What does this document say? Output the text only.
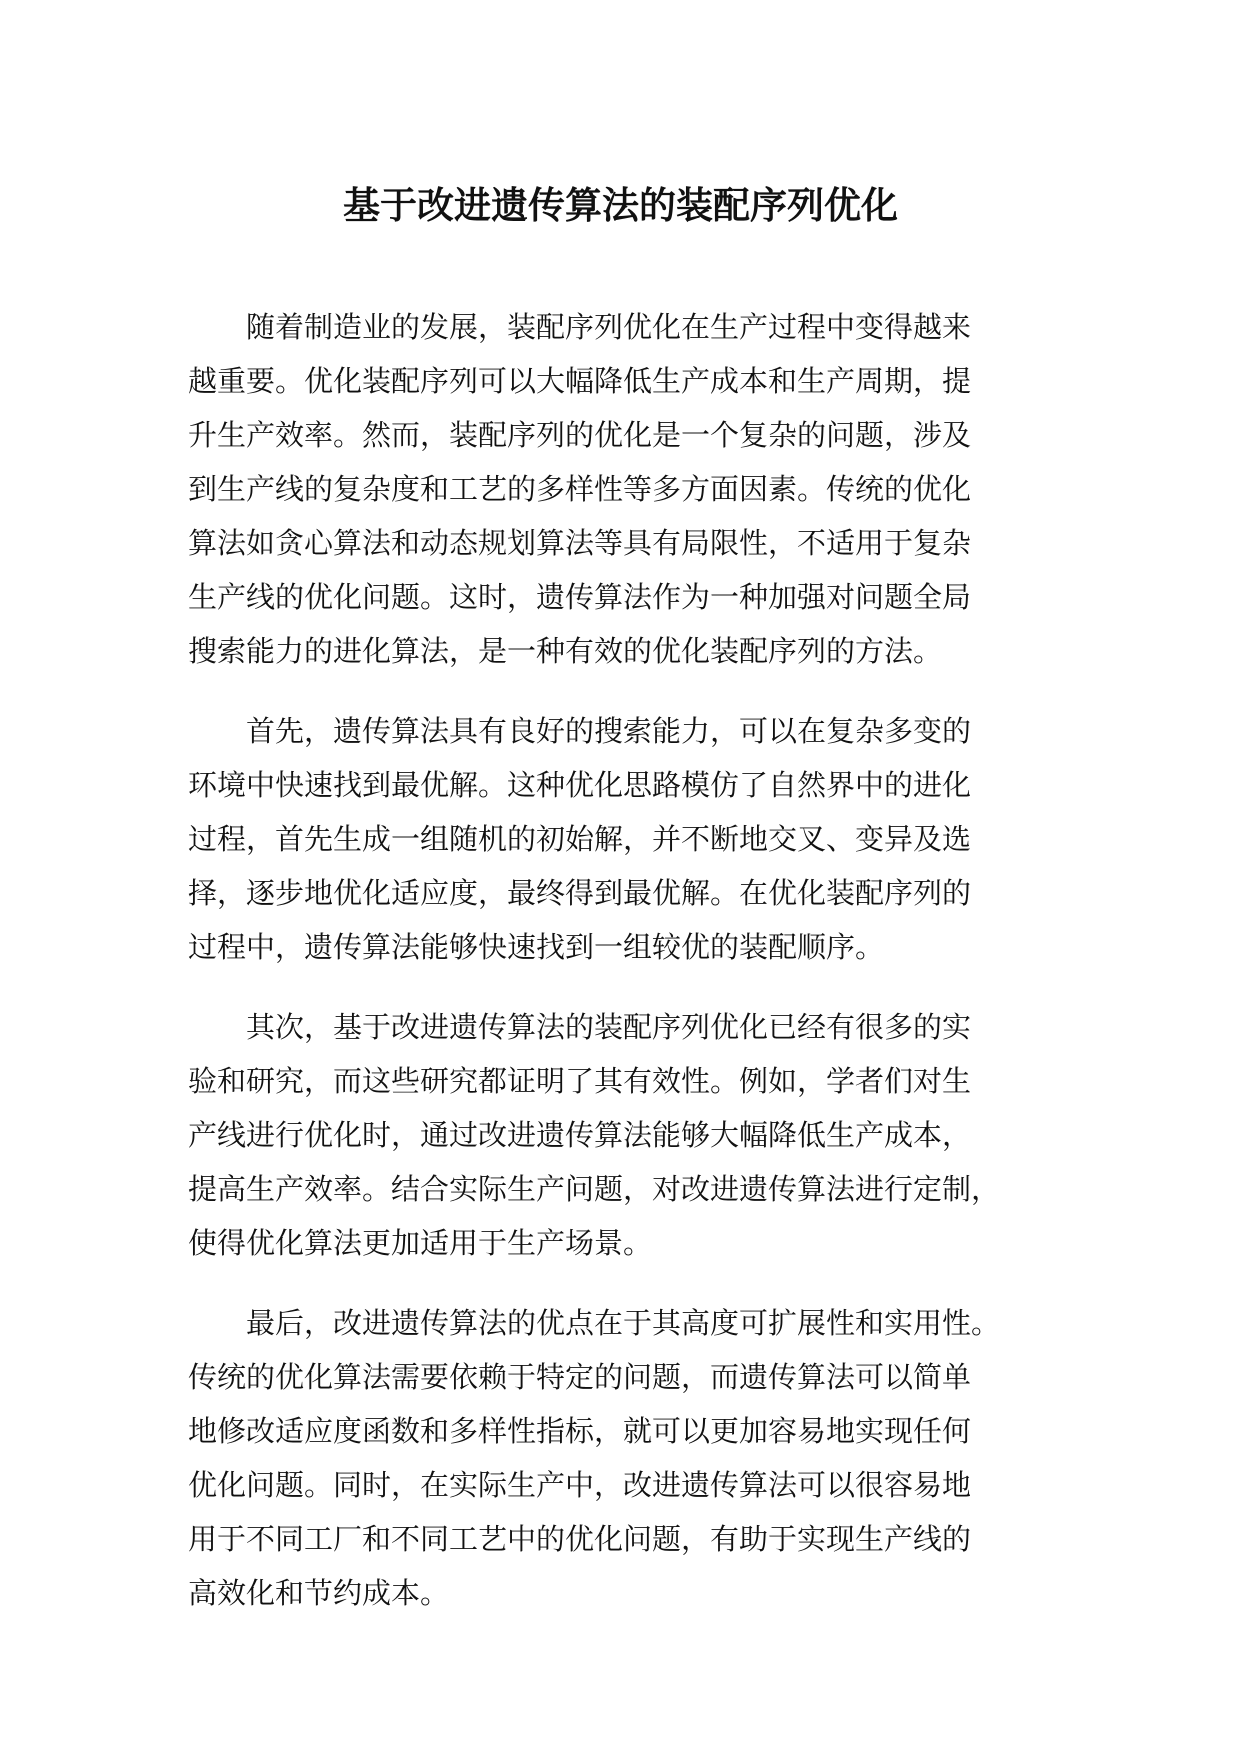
基于改进遗传算法的装配序列优化

随着制造业的发展，装配序列优化在生产过程中变得越来
越重要。优化装配序列可以大幅降低生产成本和生产周期，提
升生产效率。然而，装配序列的优化是一个复杂的问题，涉及
到生产线的复杂度和工艺的多样性等多方面因素。传统的优化
算法如贪心算法和动态规划算法等具有局限性，不适用于复杂
生产线的优化问题。这时，遗传算法作为一种加强对问题全局
搜索能力的进化算法，是一种有效的优化装配序列的方法。

首先，遗传算法具有良好的搜索能力，可以在复杂多变的
环境中快速找到最优解。这种优化思路模仿了自然界中的进化
过程，首先生成一组随机的初始解，并不断地交叉、变异及选
择，逐步地优化适应度，最终得到最优解。在优化装配序列的
过程中，遗传算法能够快速找到一组较优的装配顺序。

其次，基于改进遗传算法的装配序列优化已经有很多的实
验和研究，而这些研究都证明了其有效性。例如，学者们对生
产线进行优化时，通过改进遗传算法能够大幅降低生产成本，
提高生产效率。结合实际生产问题，对改进遗传算法进行定制，
使得优化算法更加适用于生产场景。

最后，改进遗传算法的优点在于其高度可扩展性和实用性。
传统的优化算法需要依赖于特定的问题，而遗传算法可以简单
地修改适应度函数和多样性指标，就可以更加容易地实现任何
优化问题。同时，在实际生产中，改进遗传算法可以很容易地
用于不同工厂和不同工艺中的优化问题，有助于实现生产线的
高效化和节约成本。
